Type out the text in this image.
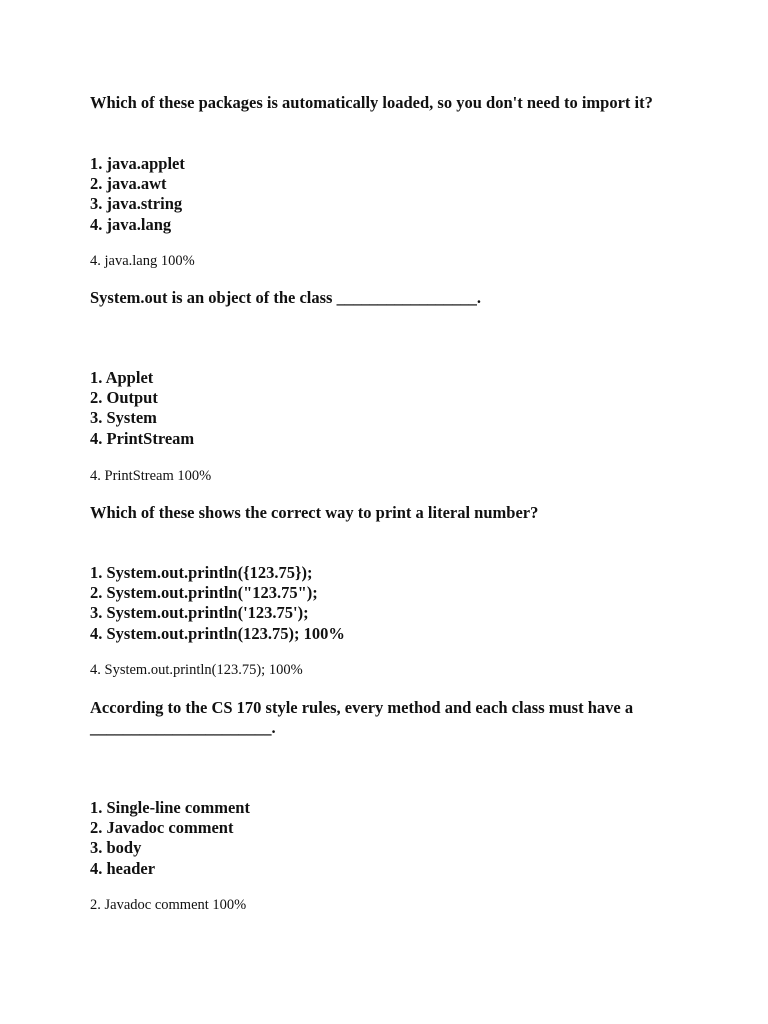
Which of these packages is automatically loaded, so you don't need to import it?

1. java.applet
2. java.awt
3. java.string
4. java.lang
4. java.lang 100%

System.out is an object of the class _________________.

1. Applet
2. Output
3. System
4. PrintStream
4. PrintStream 100%

Which of these shows the correct way to print a literal number?

1. System.out.println({123.75});
2. System.out.println("123.75");
3. System.out.println('123.75');
4. System.out.println(123.75); 100%
4. System.out.println(123.75); 100%

According to the CS 170 style rules, every method and each class must have a ______________________.

1. Single-line comment
2. Javadoc comment
3. body
4. header
2. Javadoc comment 100%
